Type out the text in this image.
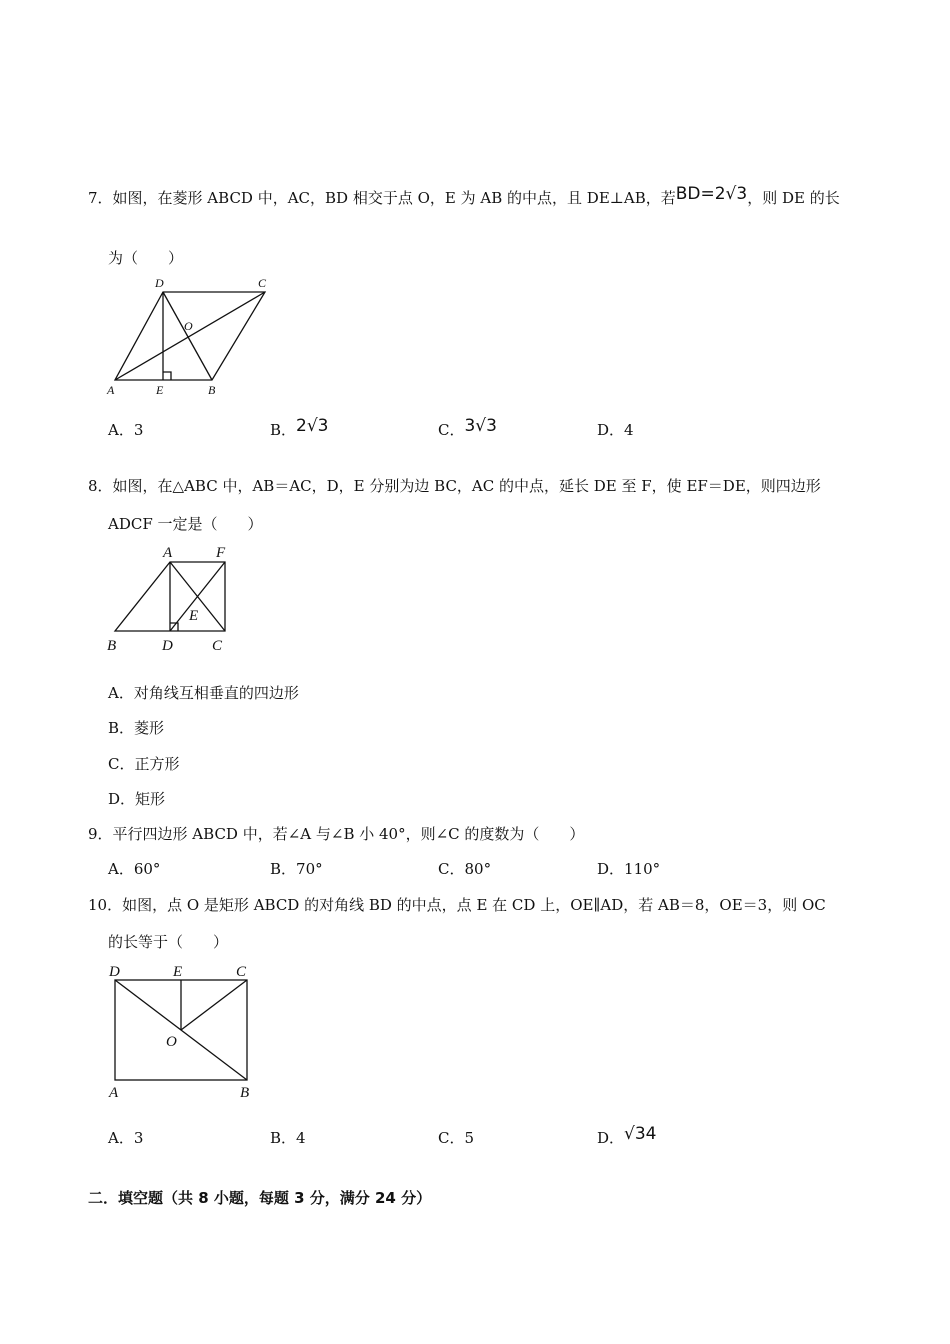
7．如图，在菱形 ABCD 中，AC，BD 相交于点 O，E 为 AB 的中点，且 DE⊥AB，若BD=2√3，则 DE 的长
为（　　）
A	E	B
C
D
O
A．3	B．2√3	C．3√3	D．4
8．如图，在△ABC 中，AB＝AC，D，E 分别为边 BC，AC 的中点，延长 DE 至 F，使 EF＝DE，则四边形
ADCF 一定是（　　）
A	F
E
B	D	C
A．对角线互相垂直的四边形
B．菱形
C．正方形
D．矩形
9．平行四边形 ABCD 中，若∠A 与∠B 小 40°，则∠C 的度数为（　　）
A．60°	B．70°	C．80°	D．110°
10．如图，点 O 是矩形 ABCD 的对角线 BD 的中点，点 E 在 CD 上，OE∥AD，若 AB＝8，OE＝3，则 OC
的长等于（　　）
D	E	C
O
A	B
A．3	B．4	C．5	D．√34
二．填空题（共 8 小题，每题 3 分，满分 24 分）
